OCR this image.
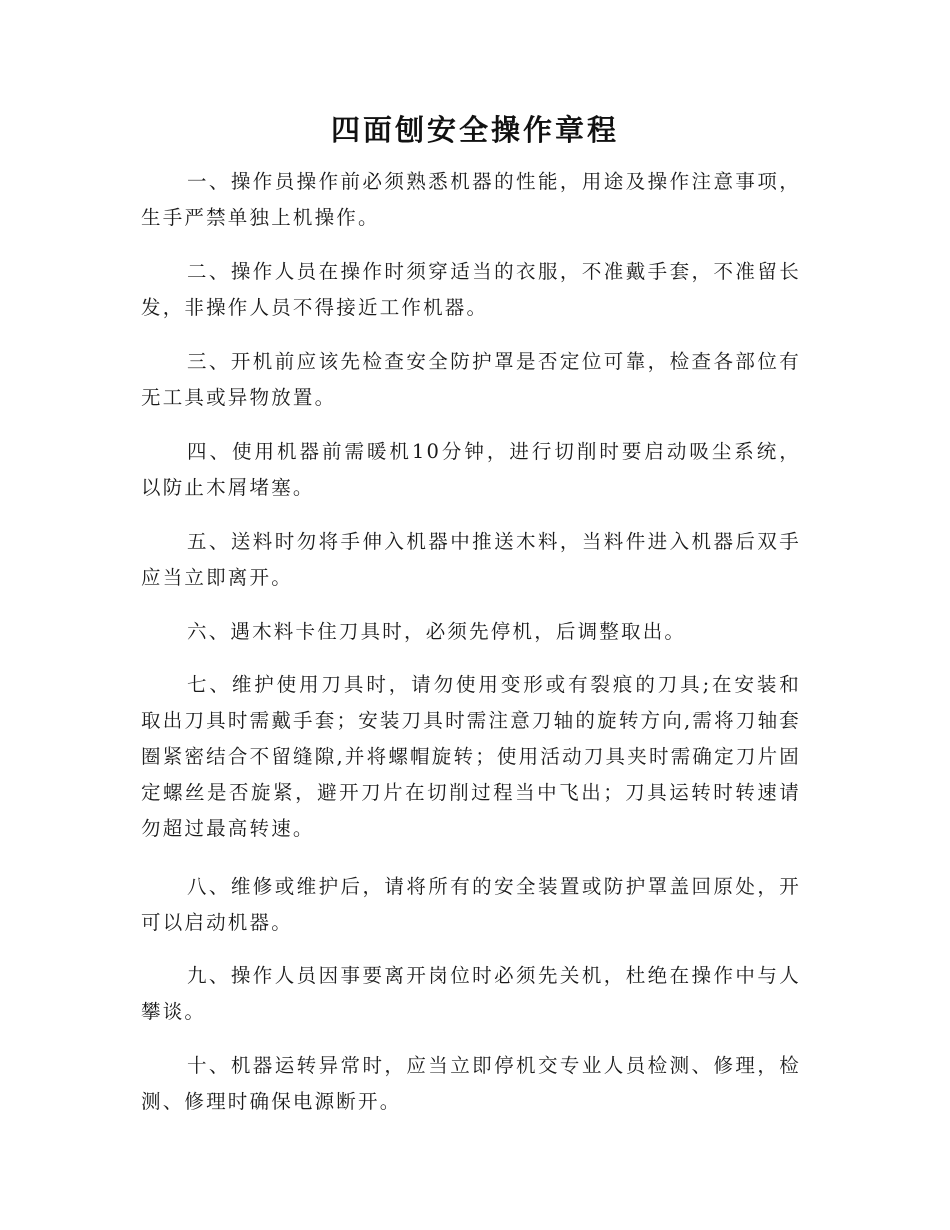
四面刨安全操作章程

一、操作员操作前必须熟悉机器的性能，用途及操作注意事项，生手严禁单独上机操作。

二、操作人员在操作时须穿适当的衣服，不准戴手套，不准留长发，非操作人员不得接近工作机器。

三、开机前应该先检查安全防护罩是否定位可靠，检查各部位有无工具或异物放置。

四、使用机器前需暖机10分钟，进行切削时要启动吸尘系统，以防止木屑堵塞。

五、送料时勿将手伸入机器中推送木料，当料件进入机器后双手应当立即离开。

六、遇木料卡住刀具时，必须先停机，后调整取出。

七、维护使用刀具时，请勿使用变形或有裂痕的刀具;在安装和取出刀具时需戴手套；安装刀具时需注意刀轴的旋转方向,需将刀轴套圈紧密结合不留缝隙,并将螺帽旋转；使用活动刀具夹时需确定刀片固定螺丝是否旋紧，避开刀片在切削过程当中飞出；刀具运转时转速请勿超过最高转速。

八、维修或维护后，请将所有的安全装置或防护罩盖回原处，开可以启动机器。

九、操作人员因事要离开岗位时必须先关机，杜绝在操作中与人攀谈。

十、机器运转异常时，应当立即停机交专业人员检测、修理，检测、修理时确保电源断开。
